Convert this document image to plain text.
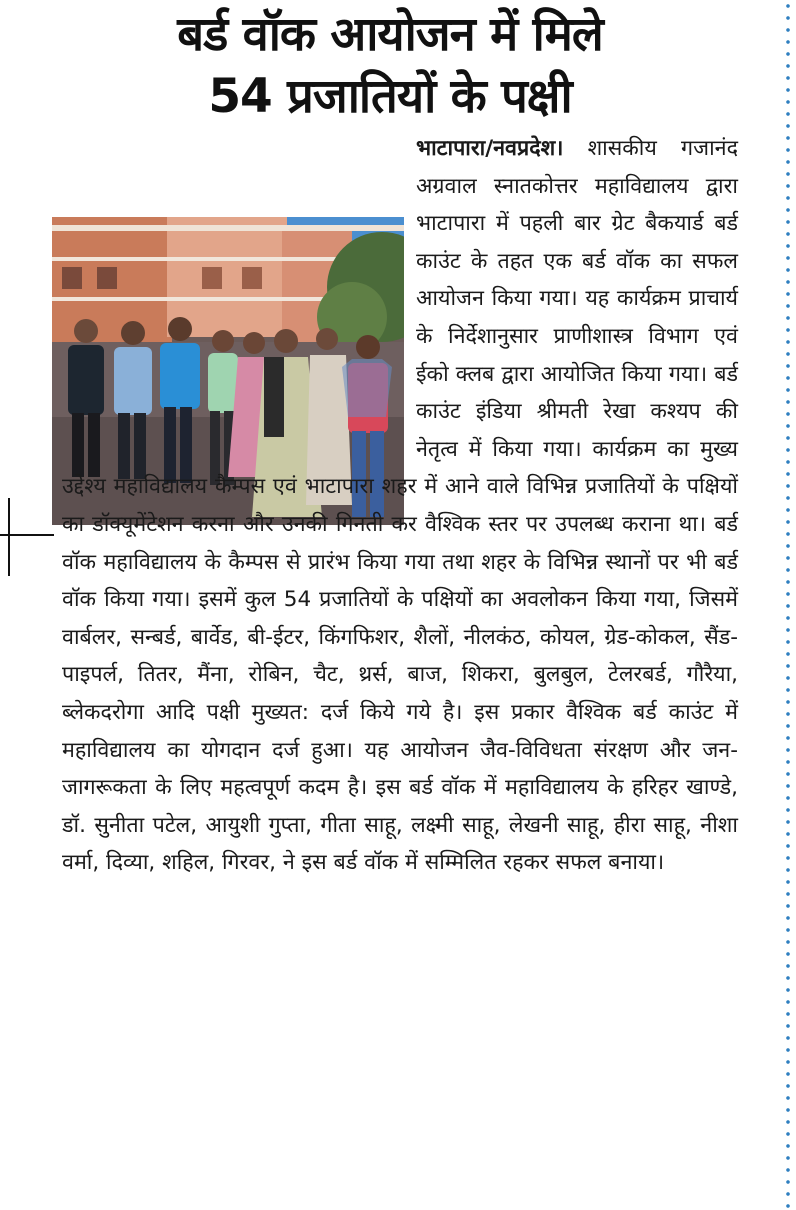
बर्ड वॉक आयोजन में मिले
54 प्रजातियों के पक्षी
भाटापारा/नवप्रदेश। शासकीय गजानंद अग्रवाल स्नातकोत्तर महाविद्यालय द्वारा भाटापारा में पहली बार ग्रेट बैकयार्ड बर्ड काउंट के तहत एक बर्ड वॉक का सफल आयोजन किया गया। यह कार्यक्रम प्राचार्य के निर्देशानुसार प्राणीशास्त्र विभाग एवं ईको क्लब द्वारा आयोजित किया गया। बर्ड काउंट इंडिया श्रीमती रेखा कश्यप की नेतृत्व में किया गया। कार्यक्रम का मुख्य उद्देश्य महाविद्यालय कैम्पस एवं भाटापारा शहर में आने वाले विभिन्न प्रजातियों के पक्षियों का डॉक्यूमेंटेशन करना और उनकी गिनती कर वैश्विक स्तर पर उपलब्ध कराना था। बर्ड वॉक महाविद्यालय के कैम्पस से प्रारंभ किया गया तथा शहर के विभिन्न स्थानों पर भी बर्ड वॉक किया गया। इसमें कुल 54 प्रजातियों के पक्षियों का अवलोकन किया गया, जिसमें वार्बलर, सन्बर्ड, बार्वेड, बी-ईटर, किंगफिशर, शैलों, नीलकंठ, कोयल, ग्रेड-कोकल, सैंड-पाइपर्ल, तितर, मैंना, रोबिन, चैट, थ्रर्स, बाज, शिकरा, बुलबुल, टेलरबर्ड, गौरैया, ब्लेकदरोगा आदि पक्षी मुख्यत: दर्ज किये गये है। इस प्रकार वैश्विक बर्ड काउंट में महाविद्यालय का योगदान दर्ज हुआ। यह आयोजन जैव-विविधता संरक्षण और जन-जागरूकता के लिए महत्वपूर्ण कदम है। इस बर्ड वॉक में महाविद्यालय के हरिहर खाण्डे, डॉ. सुनीता पटेल, आयुशी गुप्ता, गीता साहू, लक्ष्मी साहू, लेखनी साहू, हीरा साहू, नीशा वर्मा, दिव्या, शहिल, गिरवर, ने इस बर्ड वॉक में सम्मिलित रहकर सफल बनाया।
